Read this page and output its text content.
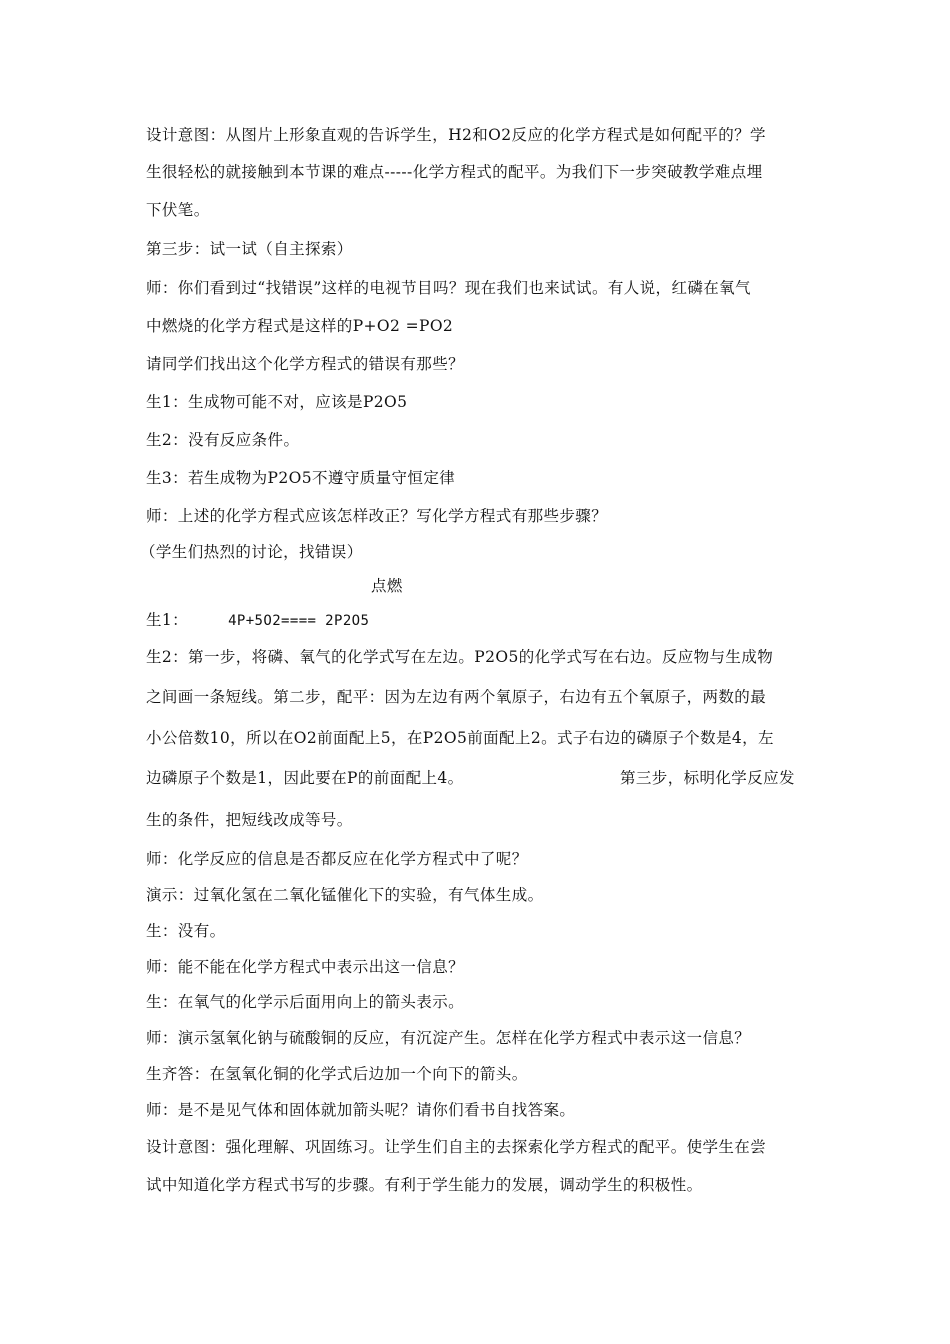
设计意图：从图片上形象直观的告诉学生，H2和O2反应的化学方程式是如何配平的？学
生很轻松的就接触到本节课的难点-----化学方程式的配平。为我们下一步突破教学难点埋
下伏笔。
第三步：试一试（自主探索）
师：你们看到过“找错误”这样的电视节目吗？现在我们也来试试。有人说，红磷在氧气
中燃烧的化学方程式是这样的P+O2 =PO2
请同学们找出这个化学方程式的错误有那些？
生1：生成物可能不对，应该是P2O5
生2：没有反应条件。
生3：若生成物为P2O5不遵守质量守恒定律
师：上述的化学方程式应该怎样改正？写化学方程式有那些步骤？
（学生们热烈的讨论，找错误）
点燃
生1：	4P+5O2==== 2P2O5
生2：第一步，将磷、氧气的化学式写在左边。P2O5的化学式写在右边。反应物与生成物
之间画一条短线。第二步，配平：因为左边有两个氧原子，右边有五个氧原子，两数的最
小公倍数10，所以在O2前面配上5，在P2O5前面配上2。式子右边的磷原子个数是4，左
边磷原子个数是1，因此要在P的前面配上4。	第三步，标明化学反应发
生的条件，把短线改成等号。
师：化学反应的信息是否都反应在化学方程式中了呢？
演示：过氧化氢在二氧化锰催化下的实验，有气体生成。
生：没有。
师：能不能在化学方程式中表示出这一信息？
生：在氧气的化学示后面用向上的箭头表示。
师：演示氢氧化钠与硫酸铜的反应，有沉淀产生。怎样在化学方程式中表示这一信息？
生齐答：在氢氧化铜的化学式后边加一个向下的箭头。
师：是不是见气体和固体就加箭头呢？请你们看书自找答案。
设计意图：强化理解、巩固练习。让学生们自主的去探索化学方程式的配平。使学生在尝
试中知道化学方程式书写的步骤。有利于学生能力的发展，调动学生的积极性。
